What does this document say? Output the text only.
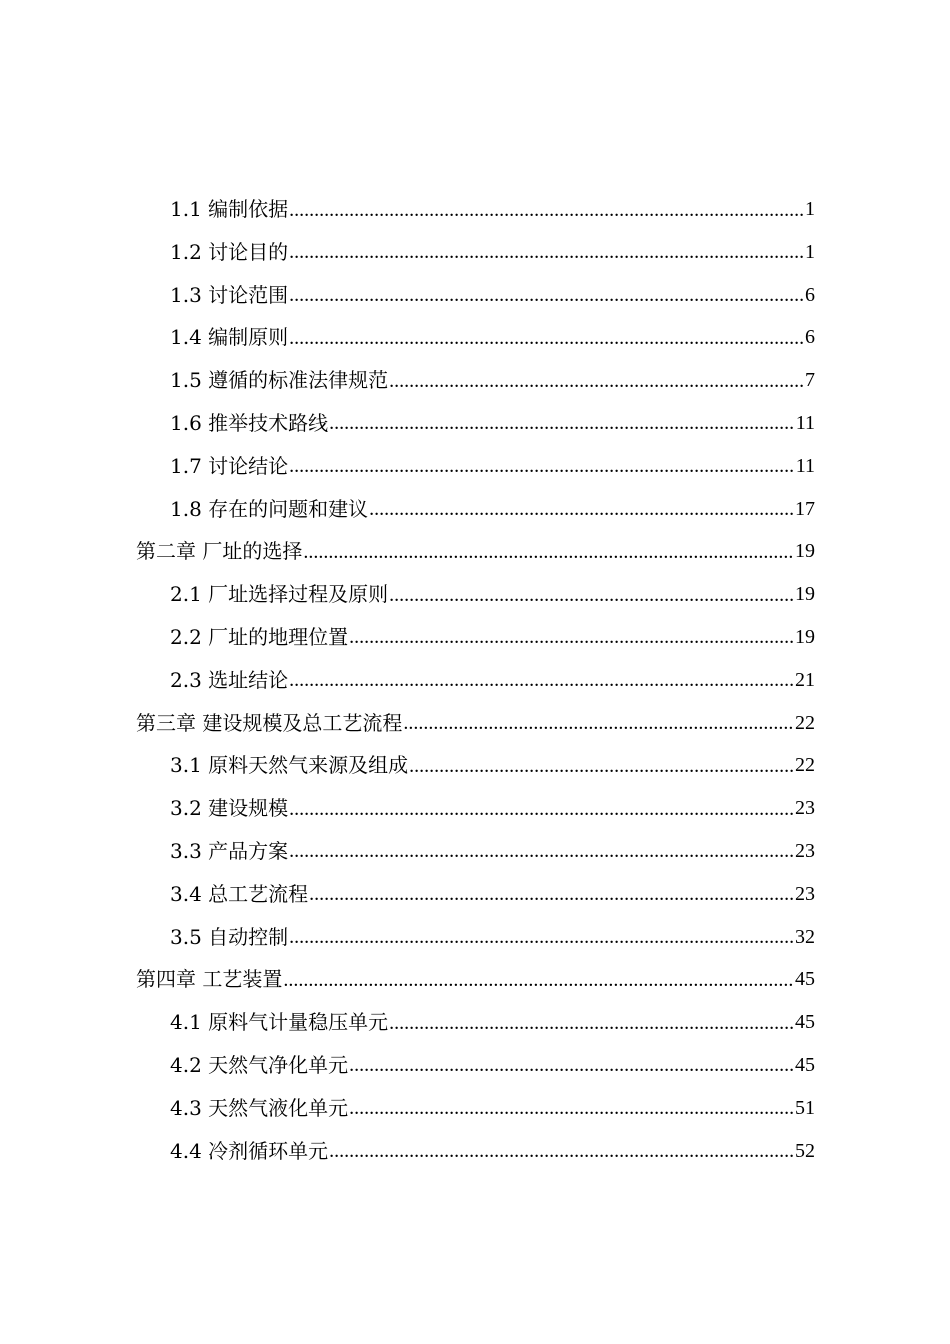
1.1 编制依据 .....	1
1.2 讨论目的 .....	1
1.3 讨论范围 .....	6
1.4 编制原则 .....	6
1.5 遵循的标准法律规范 .....	7
1.6 推举技术路线 .....	11
1.7 讨论结论 .....	11
1.8 存在的问题和建议 .....	17
第二章 厂址的选择 .....	19
2.1 厂址选择过程及原则 .....	19
2.2 厂址的地理位置 .....	19
2.3 选址结论 .....	21
第三章 建设规模及总工艺流程 .....	22
3.1 原料天然气来源及组成 .....	22
3.2 建设规模 .....	23
3.3 产品方案 .....	23
3.4 总工艺流程 .....	23
3.5 自动控制 .....	32
第四章 工艺装置 .....	45
4.1 原料气计量稳压单元 .....	45
4.2 天然气净化单元 .....	45
4.3 天然气液化单元 .....	51
4.4 冷剂循环单元 .....	52
